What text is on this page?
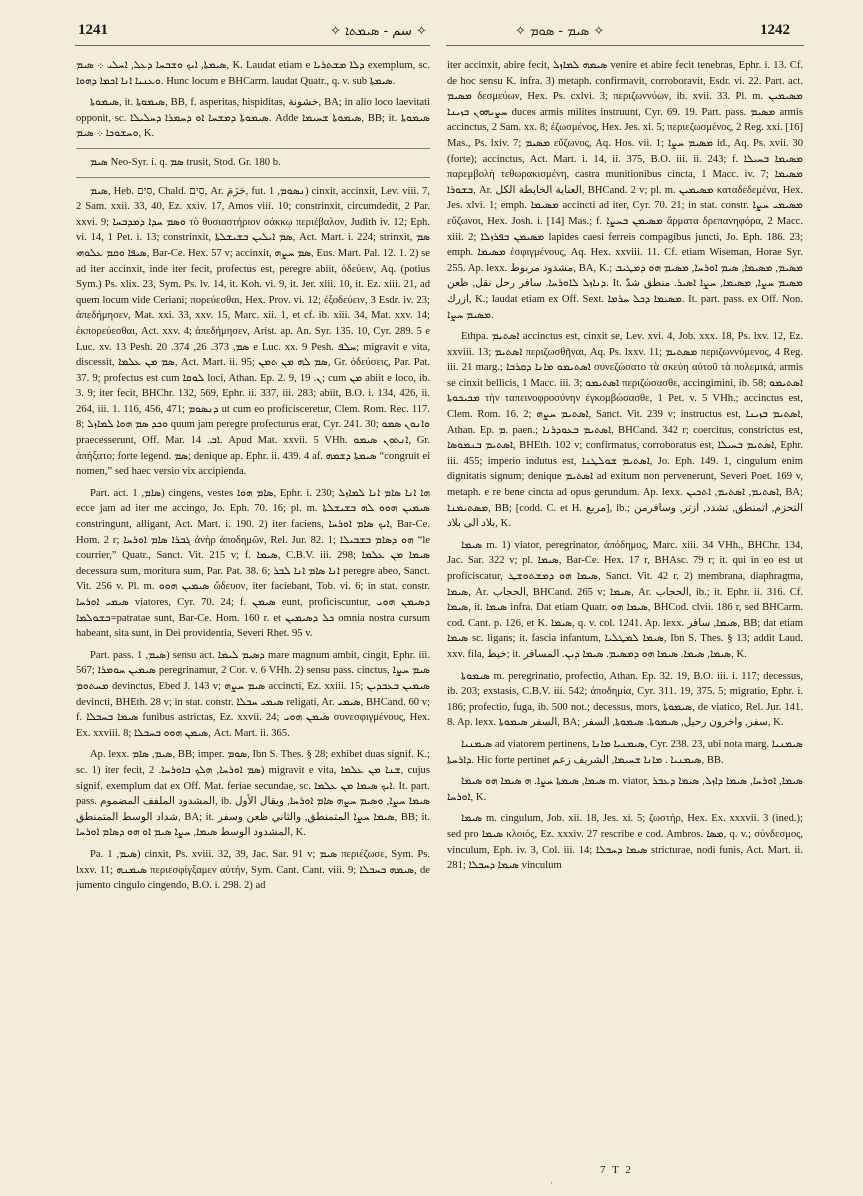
1241	✧ سم - ܣܝܡܬܐ ✧	✧ ܣܝܡ - ܣܘܡ ✧	1242

ܣܝܡܬܐ, ܐܝܟ ܘܫܒܚܐ ܕܥܠ, ܐܚܠܝ ܀ ܣܝܡ, K. Laudat etiam e ܕܠܐ ܡܫܬܪܝܐ exemplum, sc. ܘܥܢܝܐ ܐܢܐ ܐܟܡܐ ܕܗܘܐ. Hunc locum e BHCarm. laudat Quatr., q. v. sub ܣܝܡܬܐ.

ܣܝܡܘܬܐ, it. ܣܝܡܘܬܐ, BB, f. asperitas, hispiditas, خشونة, BA; in alio loco laevitati opponit, sc. ܣܝܡܘܬܐ ܕܡܫܚܐ ܐܘ ܕܚܡܪܐ ܕܚܠܝܠܐ. Adde ܣܝܡܘܬܐ ܫܚܝܡܐ, BB; it. ܣܝܡܘܬܐ ܘܚܫܘܟܐ ܀ ܣܝܡ, K.

ܣܝܡ Neo-Syr. i. q. ܣܡ trusit, Stod. Gr. 180 b.

ܣܝܡ, Heb. סִים, Chald. סִים, Ar. حَزَمَ, fut. ܢܣܘܡ, 1) cinxit, accinxit, Lev. viii. 7, 2 Sam. xxii. 33, 40, Ez. xxiv. 17, Amos viii. 10; constrinxit, circumdedit, 2 Par. xxvi. 9; ܘܣܡ ܚܕܐ ܕܡܕܒܚܐ τὸ θυσιαστήριον σάκκῳ περιέβαλον, Judith iv. 12; Eph. vi. 14, 1 Pet. i. 13; constrinxit, ܣܡ ܐܝܠܝܢ ܒܫܝܫܠܬܐ, Act. Mart. i. 224; strinxit, ܣܡ ܣܝܦܐ ܘܩܡ ܥܠܘܗܝ, Bar-Ce. Hex. 57 v; accinxit, ܣܡ ܚܨܗ, Eus. Mart. Pal. 12. 1. 2) se ad iter accinxit, inde iter fecit, profectus est, peregre abiit, ὁδεύειν, Aq. (potius Sym.) Ps. xlix. 23, Sym. Ps. lv. 14, it. Koh. vi. 9, it. Jer. xiii. 10, it. Ez. xiii. 21, ad quem locum vide Ceriani; πορεύεσθαι, Hex. Prov. vi. 12; ἐξοδεύειν, 3 Esdr. iv. 23; ἀπεδήμησεν, Mat. xxi. 33, xxv. 15, Marc. xii. 1, et cf. ib. xiii. 34, Mat. xxv. 14; ἐκπορεύεσθαι, Act. xxv. 4; ἀπεδήμησεν, Arist. ap. An. Syr. 135. 10, Cyr. 289. 5 e Luc. xv. 13 Pesh. ܣܡ, 373. 26, 374. 20 e Luc. xx. 9 Pesh. ܚܠܦ; migravit e vita, discessit, ܣܡ ܡܢ ܥܠܡܐ, Act. Mart. ii. 95; ܣܡ ܠܗ ܡܢ ܬܡܢ, Gr. ὁδεύσεις, Par. Pat. 37. 9; profectus est cum ܠܘܩܐ loci, Athan. Ep. 2. 9, ܢ. 19; cum ܡܢ abiit e loco, ib. 3. 9; iter fecit, BHChr. 132, 569, Ephr. ii. 337, iii. 283; abiit, B.O. i. 134, 426, ii. 264, iii. 1. 116, 456, 471; ܕܢܣܘܡ ut cum eo proficisceretur, Clem. Rom. Rec. 117. 8; ܘܟܕ ܣܡ ܗܘܐ ܠܡܐܙܠ quum jam peregre profecturus erat, Cyr. 241. 30; ܘܐܢܘܢ ܣܡܘ praecesserunt, Off. Mar. ܐܒ. 14. Apud Mat. xxvii. 5 VHh. ܐܢܬܘܢ ܣܝܡܘ, Gr. ἀπήξατο; forte legend. ܣܡ; denique ap. Ephr. ii. 439. 4 af. ܣܝܡܬܐ ܕܫܡܗ “congruit ei nomen,” sed haec versio vix accipienda.

Part. act. ܣܐܡ, 1) cingens, vestes ܣܐܡ ܗܘܐ, Ephr. i. 230; ܗܐ ܐܢܐ ܣܐܡ ܐܢܐ ܠܡܐܙܠ ecce jam ad iter me accingo, Jo. Eph. 70. 16; pl. m. ܣܝܡܝܢ ܗܘܘ ܠܗ ܒܫܝܫܠܬܐ constringunt, alligant, Act. Mart. i. 190. 2) iter faciens, ܐܝܟ ܣܐܡ ܐܘܪܚܐ, Bar-Ce. Hom. 2 r; ܓܒܪܐ ܣܐܡ ܐܘܪܚܐ ἀνὴρ ἀποδημῶν, Rel. Jur. 82. 1; ܗܘ ܕܣܐܡ ܒܫܒܝܠܐ “le courrier,” Quatr., Sanct. Vit. 215 v; f. ܣܝܡܐ, C.B.V. iii. 298; ܣܝܡܐ ܡܢ ܥܠܡܐ decessura sum, moritura sum, Par. Pat. 38. 6; ܐܢܐ ܣܐܡ ܐܢܐ ܠܒܪ peregre abeo, Sanct. Vit. 256 v. Pl. m. ܣܝܡܝܢ ܗܘܘ ὥδευον, iter faciebant, Tob. vi. 6; in stat. constr. ܣܝܡܝ ܐܘܪܚܐ viatores, Cyr. 70. 24; f. ܣܝܡܢ eunt, proficiscuntur, ܕܣܝܡܢ ܗܘܝ ܒܫܘܠܡܐ=patratae sunt, Bar-Ce. Hom. 160 r. et ܟܠ ܕܣܝܡܝܢ omnia nostra cursum habeant, sita sunt, in Dei providentia, Severi Rhet. 95 v.

Part. pass. ܣܝܡ, 1) sensu act. ܕܣܝܡ ܠܝܡܐ mare magnum ambit, cingit, Ephr. iii. 567; ܣܝܡܝܢ ܚܘܡܪܐ peregrinamur, 2 Cor. v. 6 VHh. 2) sensu pass. cinctus, ܣܝܡ ܚܨܐ ܡܚܬܘܡ devinctus, Ebed J. 143 v; ܣܝܡ ܚܨܗ accincti, Ez. xxiii. 15; ܣܝܡܝܢ ܒܥܒܕܝܢ devincti, BHEth. 28 v; in stat. constr. ܣܝܡܝ ܚܒܠܐ religati, Ar. ܣܝܡܝ, BHCand. 60 v; f. ܣܝܡܐ ܒܚܒܠܐ funibus astrictas, Ez. xxvii. 24; ܣܝܡܢ ܗܘܝ συνεσφιγμένους, Hex. Ex. xxviii. 8; ܣܝܡܢ ܗܘܘ ܒܚܒܠܐ, Act. Mart. ii. 365.

Ap. lexx. ܣܝܡ, ܣܐܡ, BB; imper. ܣܘܡ, Ibn S. Thes. § 28; exhibet duas signif. K.; sc. 1) iter fecit, ܣܡ ܐܘܪܚܐ, ܗܠܟ ܒܐܘܪܚܐ. 2) migravit e vita, ܫܢܐ ܡܢ ܥܠܡܐ, cujus signif. exemplum dat ex Off. Mat. feriae secundae, sc. ܐܝܟ ܣܝܡܐ ܡܢ ܥܠܡܐ. It. part. pass. المشدود الملفف المضموم, ib. ܣܝܡܐ ܚܨܐ, ܘܣܝܡ ܚܨܗ ܣܐܡ ܐܘܪܚܐ, ويقال الأول شداد الوسط المتمنطق, BA; it. ܣܝܡܐ ܚܨܐ المتمنطق, والثاني ظعن وسفر, BB; it. المشدود الوسط ܣܝܡܐ, ܚܨܐ ܣܝܡ ܐܘ ܗܘ ܕܣܐܡ ܐܘܪܚܐ, K.

Pa. ܣܝܡ, 1) cinxit, Ps. xviii. 32, 39, Jac. Sar. 91 v; ܣܝܡ περιέζωσε, Sym. Ps. lxxv. 11; ܣܝܡܢܗ περιεσφίγξαμεν αὐτήν, Sym. Cant. Cant. viii. 9; ܣܝܡܗ ܒܚܒܠܐ, de jumento cingulo cingendo, B.O. i. 298. 2) ad

iter accinxit, abire fecit, ܣܝܡܗ ܠܡܐܙܠ venire et abire fecit tenebras, Ephr. i. 13. Cf. de hoc sensu K. infra. 3) metaph. confirmavit, corroboravit, Esdr. vi. 22. Part. act. ܡܣܝܡ δεσμεύων, Hex. Ps. cxlvi. 3; περιζωννύων, ib. xvii. 33. Pl. m. ܡܣܝܡܝܢ ܚܨܝܗܘܢ ܒܙܝܢܐ duces armis milites instruunt, Cyr. 69. 19. Part. pass. ܡܣܝܡ armis accinctus, 2 Sam. xx. 8; ἐζωσμένος, Hex. Jes. xi. 5; περιεζωσμένος, 2 Reg. xxi. [16] Mas., Ps. lxiv. 7; ܡܣܝܡ εὔζωνος, Aq. Hos. vii. 1; ܡܣܝܡ ܚܨܐ id., Aq. Ps. xvii. 30 (forte); accinctus, Act. Mart. i. 14, ii. 375, B.O. iii. ii. 243; f. ܡܣܝܡܐ ܒܚܝܠܐ παρεμβολὴ τεθωρακισμένη, castra munitionibus cincta, 1 Macc. iv. 7; ܡܣܝܡܐ ܒܫܘܪܐ, Ar. العناية الخايطة الكل, BHCand. 2 v; pl. m. ܡܣܝܡܝܢ καταδεδεμένα, Hex. Jes. xlvi. 1; emph. ܡܣܝܡܐ accincti ad iter, Cyr. 70. 21; in stat. constr. ܡܣܝܡܝ ܚܨܐ εὔζωνοι, Hex. Josh. i. [14] Mas.; f. ܡܣܝܡܢ ܒܚܨܐ ἅρματα δρεπανηφόρα, 2 Macc. xiii. 2; ܡܣܝܡܢ ܒܦܪܙܠܐ lapides caesi ferreis compagibus juncti, Jo. Eph. 186. 23; emph. ܡܣܝܡܐ ἐσφιγμένους, Aq. Hex. xxviii. 11. Cf. etiam Wiseman, Horae Syr. 255. Ap. lexx. مشدود مربوط, BA, K.; ܡܣܝܡ, ܡܣܝܡܐ, ܣܝܡ ܐܘܪܚܐ, ܡܣܝܡ ܗܘ ܕܡܛܝܒ ܕܢܐܙܠ ܠܐܘܪܚܐ. سافر رحل نقل, ظعن. It. ܡܣܝܡ ܚܨܐ, ܡܣܝܡܐ, ܚܨܐ ܐܣܝܪ. منطق شدّ ازرك, K.; laudat etiam ex Off. Sext. ܡܣܝܡܐ ܕܟܠ ܚܪܡܐ. It. part. pass. ex Off. Non. ܡܣܝܡ ܚܨܐ.

Ethpa. ܐܣܬܝܡ accinctus est, cinxit se, Lev. xvi. 4, Job. xxx. 18, Ps. lxv. 12, Ez. xxviii. 13; ܐܣܬܝܡ περιζωσθῆναι, Aq. Ps. lxxv. 11; ܡܣܬܝܡ περιζωννύμενος, 4 Reg. iii. 21 marg.; ܐܣܬܝܡܘ ܡܐܢܐ ܕܩܪܒܐ συνεζώσατο τὰ σκεύη αὐτοῦ τὰ πολεμικά, armis se cinxit bellicis, 1 Macc. iii. 3; ܐܣܬܝܡܘ περιζώσασθε, accingimini, ib. 58; ܐܣܬܝܡܘ ܡܟܝܟܘܬܐ τὴν ταπεινοφροσύνην ἐγκομβώσασθε, 1 Pet. v. 5 VHh.; accinctus est, Clem. Rom. 16. 2; ܐܣܬܝܡ ܚܨܗ, Sanct. Vit. 239 v; instructus est, ܐܣܬܝܡ ܒܙܝܢܐ, Athan. Ep. ܡ. paen.; ܐܣܬܝܡ ܒܥܘܕܪܢܐ, BHCand. 342 r; coercitus, constrictus est, ܐܣܬܝܡ ܒܢܡܘܣܐ, BHEth. 102 v; confirmatus, corroboratus est, ܐܣܬܝܡ ܒܚܝܠܐ, Ephr. iii. 455; imperio indutus est, ܐܣܬܝܡ ܫܘܠܛܢܐ, Jo. Eph. 149. 1, cingulum enim dignitatis signum; denique ܐܣܬܝܡ ad exitum non pervenerunt, Severi Poet. 169 v, metaph. e re bene cincta ad opus gerundum. Ap. lexx. ܐܣܬܝܡ, ܐܣܬܝܡ, ܐܬܟܝܢ, BA; ܡܣܬܝܡܢܐ, BB; [codd. C. et H. مربع], ib.; التحزم, اتمنطق, تشدد, ازتر, وسافرمن بلاد الى بلاد, K.

ܣܝܡܐ m. 1) viator, peregrinator, ἀπόδημος, Marc. xiii. 34 VHh., BHChr. 134, Jac. Sar. 322 v; pl. ܣܝܡܐ, Bar-Ce. Hex. 17 r, BHAsc. 79 r; it. qui in eo est ut proficiscatur, ܣܝܡܐ ܗܘ ܕܡܫܬܘܫܛ, Sanct. Vit. 42 r. 2) membrana, diaphragma, ܣܝܡܐ, Ar. الحجاب, BHCand. 265 v; ܣܝܡܐ, Ar. الحجاب, ib.; it. Ephr. ii. 316. Cf. ܣܝܡܐ, it. ܣܝܡܐ infra. Dat etiam Quatr. ܣܝܡܐ ܗܘ, BHCod. clvii. 186 r, sed BHCarm. cod. Cant. p. 126, et K. ܣܝܡܐ, q. v. col. 1241. Ap. lexx. ܣܝܡܐ, سافر, BB; dat etiam ܣܝܡܐ sc. ligans; it. fascia infantum, ܣܝܡܐ ܠܡܛܠܝܐ, Ibn S. Thes. § 13; addit Laud. xxv. fila, خيط; it. ܣܝܡܐ, ܣܝܡܐ. ܣܝܡܐ ܗܘ ܕܡܣܝܡ. ܣܝܡܐ ܕܝܢ. المسافر, K.

ܣܝܡܘܬܐ m. peregrinatio, profectio, Athan. Ep. 32. 19, B.O. iii. i. 117; decessus, ib. 203; exstasis, C.B.V. iii. 542; ἀποδημία, Cyr. 311. 19, 375. 5; migratio, Ephr. i. 186; profectio, fuga, ib. 500 not.; decessus, mors, ܣܝܡܘܬܐ, de viatico, Rel. Jur. 141. 8. Ap. lexx. السفر ܣܝܡܘܬܐ, BA; سفر, واخرون رحيل, ܣܝܡܘܬܐ. ܣܝܡܘܬܐ, السفر, K.

ܣܝܡܢܝܐ ad viatorem pertinens, ܣܝܡܢܝܐ ܡܐܢܐ, Cyr. 238. 23, ubi nota marg. ܣܝܡܢܝܐ ܕܐܪܚܬܐ. Hic forte pertinet ܣܝܡܢܝܐ . ܡܐܢܐ ܫܚܝܡܐ, الشريف زعم, BB.

ܣܝܡܐ, ܣܝܡܬܐ ܚܨܐ. ܗ ܣܝܡܐ ܗܘ ܣܝܡܐ m. viator, ܣܝܡܐ, ܐܘܪܚܐ, ܣܝܡܐ ܕܐܙܠ, ܣܝܡܐ ܕܥܒܪ ܐܘܪܚܐ, K.

ܣܝܡܐ m. cingulum, Job. xii. 18, Jes. xi. 5; ζωστήρ, Hex. Ex. xxxvii. 3 (ined.); sed pro ܣܝܡܐ κλοιός, Ez. xxxiv. 27 rescribe e cod. Ambros. ܡܣܐ, q. v.; σύνδεσμος, vinculum, Eph. iv. 3, Col. iii. 14; ܣܝܡܐ ܕܚܒܠܐ stricturae, nodi funis, Act. Mart. ii. 281; ܣܝܡܐ ܕܚܒܠܐ vinculum

7 T 2
·
